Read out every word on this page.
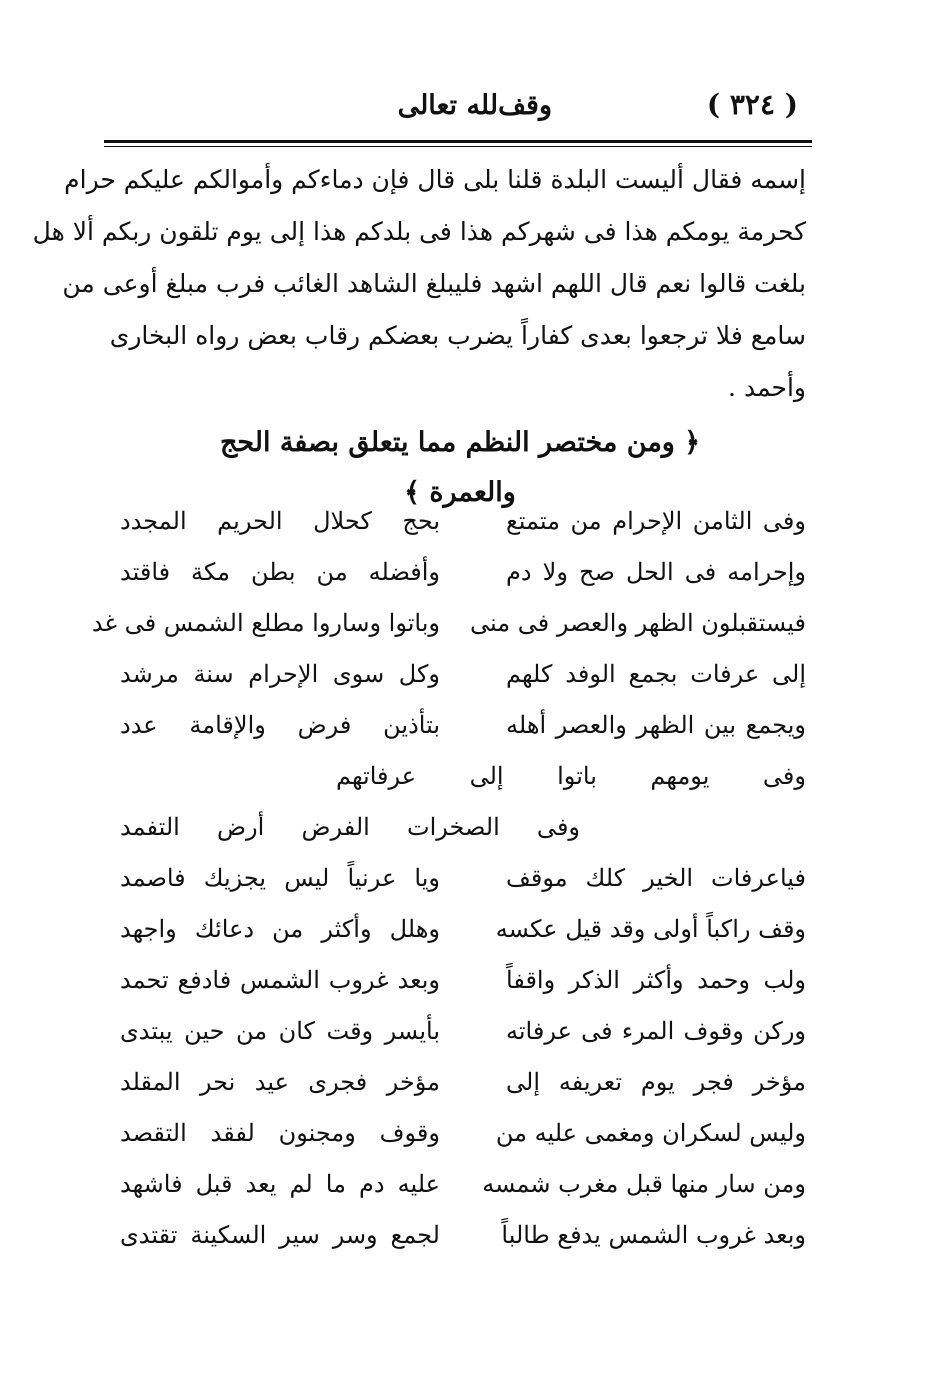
( ٣٢٤ )
وقف‌لله تعالى
إسمه فقال أليست البلدة قلنا بلى قال فإن دماءكم وأموالكم عليكم حرام
كحرمة يومكم هذا فى شهركم هذا فى بلدكم هذا إلى يوم تلقون ربكم ألا هل
بلغت قالوا نعم قال اللهم اشهد فليبلغ الشاهد الغائب فرب مبلغ أوعى من
سامع فلا ترجعوا بعدى كفاراً يضرب بعضكم رقاب بعض رواه البخارى
وأحمد .
﴿ ومن مختصر النظم مما يتعلق بصفة الحج والعمرة ﴾
وفى الثامن الإحرام من متمتع
بحج كحلال الحريم المجدد
وإحرامه فى الحل صح ولا دم
وأفضله من بطن مكة فاقتد
فيستقبلون الظهر والعصر فى منى
وباتوا وساروا مطلع الشمس فى غد
إلى عرفات بجمع الوفد كلهم
وكل سوى الإحرام سنة مرشد
ويجمع بين الظهر والعصر أهله
بتأذين فرض والإقامة عدد
وفى يومهم باتوا إلى عرفاتهم
وفى الصخرات الفرض أرض التفمد
فياعرفات الخير كلك موقف
ويا عرنياً ليس يجزيك فاصمد
وقف راكباً أولى وقد قيل عكسه
وهلل وأكثر من دعائك واجهد
ولب وحمد وأكثر الذكر واقفاً
وبعد غروب الشمس فادفع تحمد
وركن وقوف المرء فى عرفاته
بأيسر وقت كان من حين يبتدى
مؤخر فجر يوم تعريفه إلى
مؤخر فجرى عيد نحر المقلد
وليس لسكران ومغمى عليه من
وقوف ومجنون لفقد التقصد
ومن سار منها قبل مغرب شمسه
عليه دم ما لم يعد قبل فاشهد
وبعد غروب الشمس يدفع طالباً
لجمع وسر سير السكينة تقتدى
